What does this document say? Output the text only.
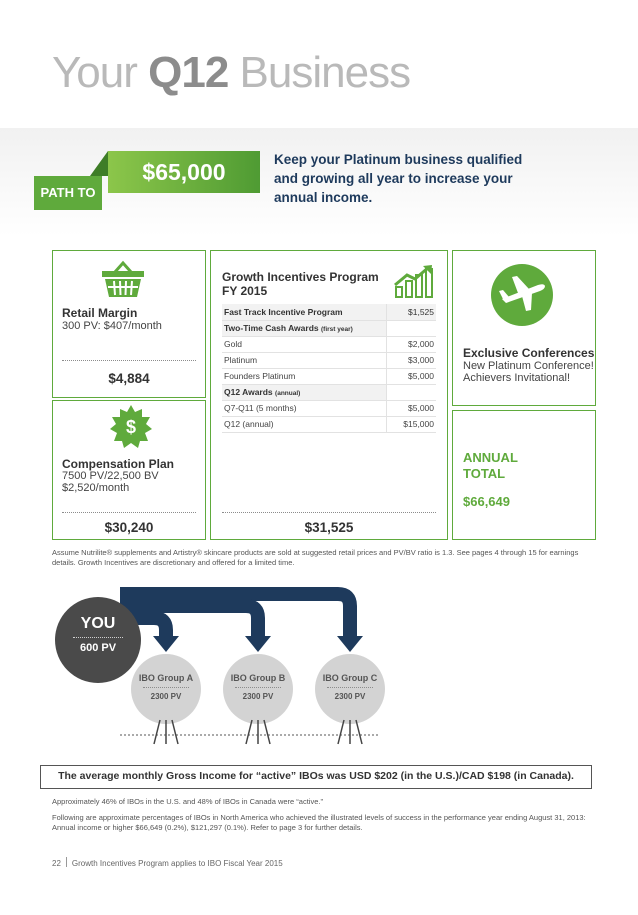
Your Q12 Business
PATH TO
$65,000	Keep your Platinum business qualified and growing all year to increase your annual income.
Retail Margin
300 PV: $407/month
$4,884
$
Compensation Plan
7500 PV/22,500 BV
$2,520/month
$30,240
Growth Incentives Program
FY 2015
Fast Track Incentive Program	$1,525
Two-Time Cash Awards (first year)	
Gold	$2,000
Platinum	$3,000
Founders Platinum	$5,000
Q12 Awards (annual)	
Q7-Q11 (5 months)	$5,000
Q12 (annual)	$15,000
$31,525
Exclusive Conferences
New Platinum Conference!
Achievers Invitational!
ANNUAL
TOTAL
$66,649
Assume Nutrilite® supplements and Artistry® skincare products are sold at suggested retail prices and PV/BV ratio is 1.3. See pages 4 through 15 for earnings details. Growth Incentives are discretionary and offered for a limited time.
YOU
600 PV
IBO Group A
2300 PV
IBO Group B
2300 PV
IBO Group C
2300 PV
The average monthly Gross Income for “active” IBOs was USD $202 (in the U.S.)/CAD $198 (in Canada).
Approximately 46% of IBOs in the U.S. and 48% of IBOs in Canada were “active.”
Following are approximate percentages of IBOs in North America who achieved the illustrated levels of success in the performance year ending August 31, 2013: Annual income or higher $66,649 (0.2%), $121,297 (0.1%). Refer to page 3 for further details.
22 Growth Incentives Program applies to IBO Fiscal Year 2015
